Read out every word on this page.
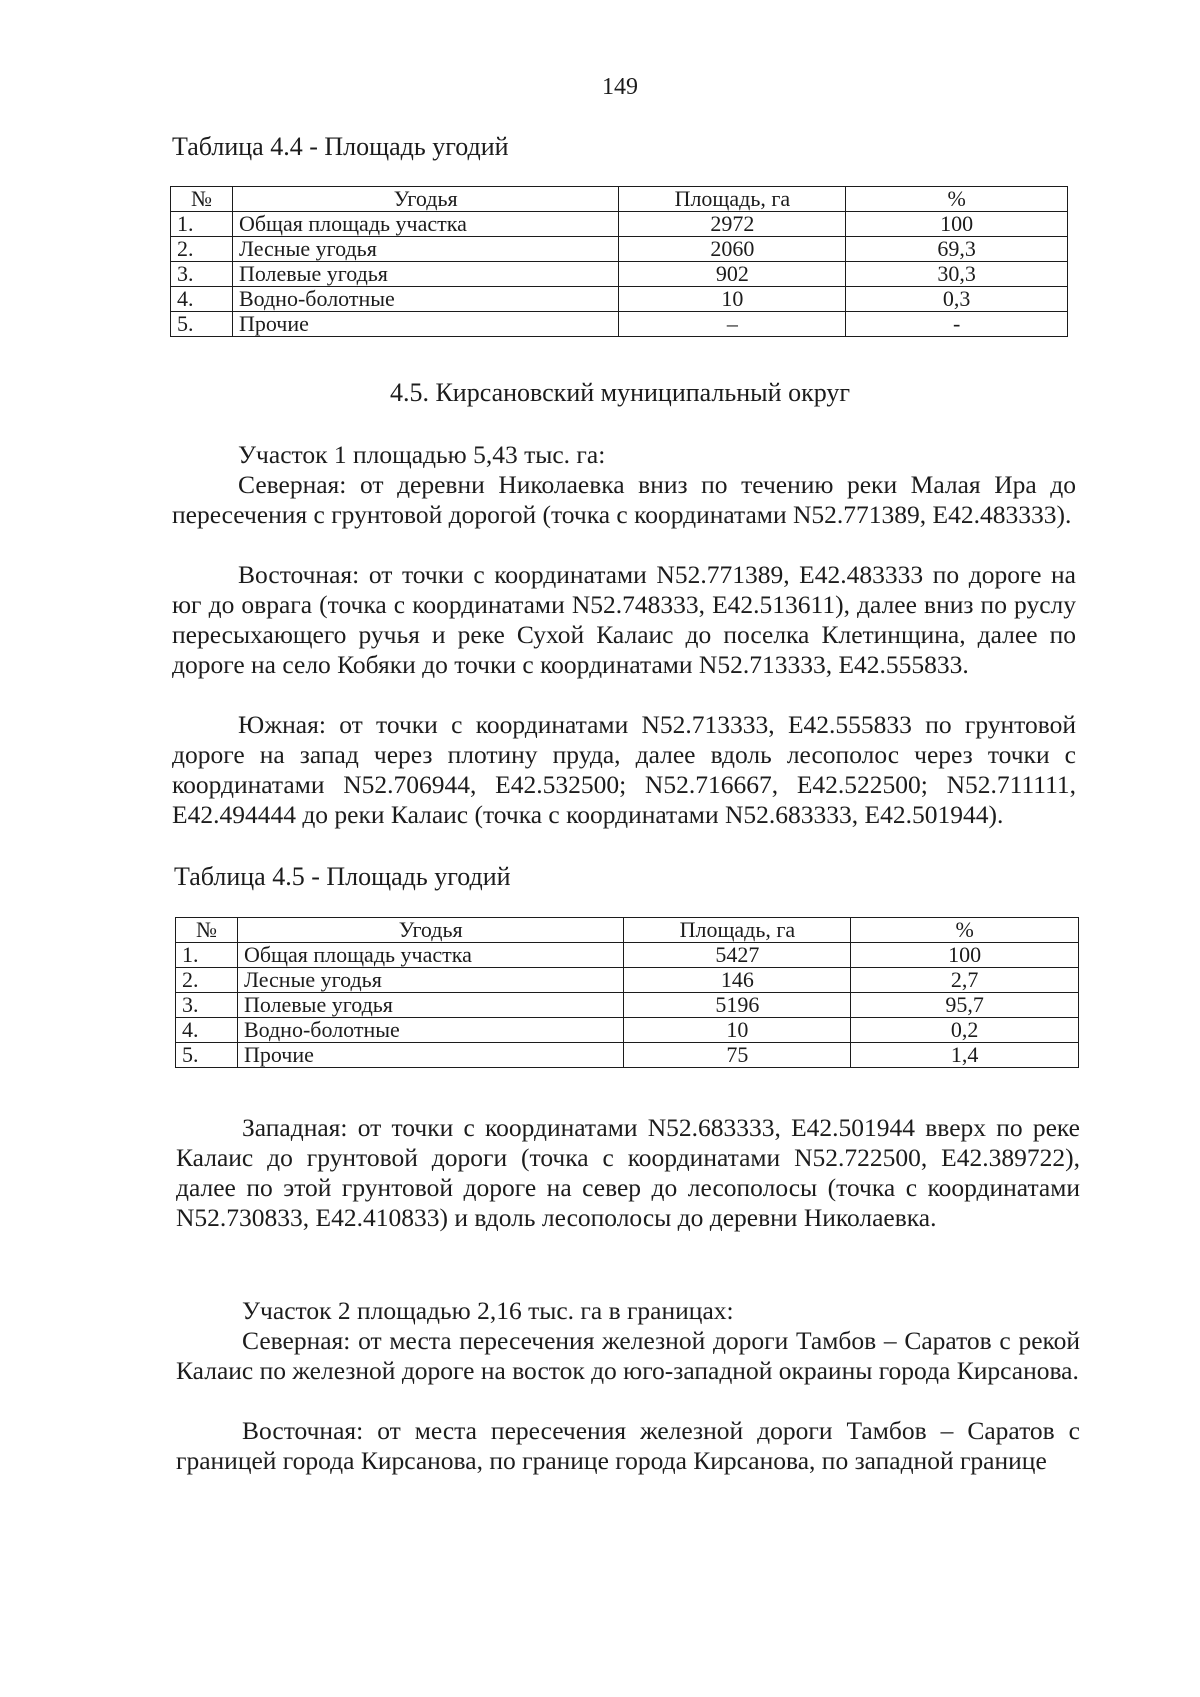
149
Таблица 4.4 - Площадь угодий
№	Угодья	Площадь, га	%
1.	Общая площадь участка	2972	100
2.	Лесные угодья	2060	69,3
3.	Полевые угодья	902	30,3
4.	Водно-болотные	10	0,3
5.	Прочие	–	-
4.5. Кирсановский муниципальный округ

Участок 1 площадью 5,43 тыс. га:

Северная: от деревни Николаевка вниз по течению реки Малая Ира до пересечения с грунтовой дорогой (точка с координатами N52.771389, E42.483333).

Восточная: от точки с координатами N52.771389, E42.483333 по дороге на юг до оврага (точка с координатами N52.748333, E42.513611), далее вниз по руслу пересыхающего ручья и реке Сухой Калаис до поселка Клетинщина, далее по дороге на село Кобяки до точки с координатами N52.713333, E42.555833.

Южная: от точки с координатами N52.713333, E42.555833 по грунтовой дороге на запад через плотину пруда, далее вдоль лесополос через точки с координатами N52.706944, E42.532500; N52.716667, E42.522500; N52.711111, E42.494444 до реки Калаис (точка с координатами N52.683333, E42.501944).

Таблица 4.5 - Площадь угодий
№	Угодья	Площадь, га	%
1.	Общая площадь участка	5427	100
2.	Лесные угодья	146	2,7
3.	Полевые угодья	5196	95,7
4.	Водно-болотные	10	0,2
5.	Прочие	75	1,4

Западная: от точки с координатами N52.683333, E42.501944 вверх по реке Калаис до грунтовой дороги (точка с координатами N52.722500, E42.389722), далее по этой грунтовой дороге на север до лесополосы (точка с координатами N52.730833, E42.410833) и вдоль лесополосы до деревни Николаевка.

Участок 2 площадью 2,16 тыс. га в границах:

Северная: от места пересечения железной дороги Тамбов – Саратов с рекой Калаис по железной дороге на восток до юго-западной окраины города Кирсанова.

Восточная: от места пересечения железной дороги Тамбов – Саратов с границей города Кирсанова, по границе города Кирсанова, по западной границе
